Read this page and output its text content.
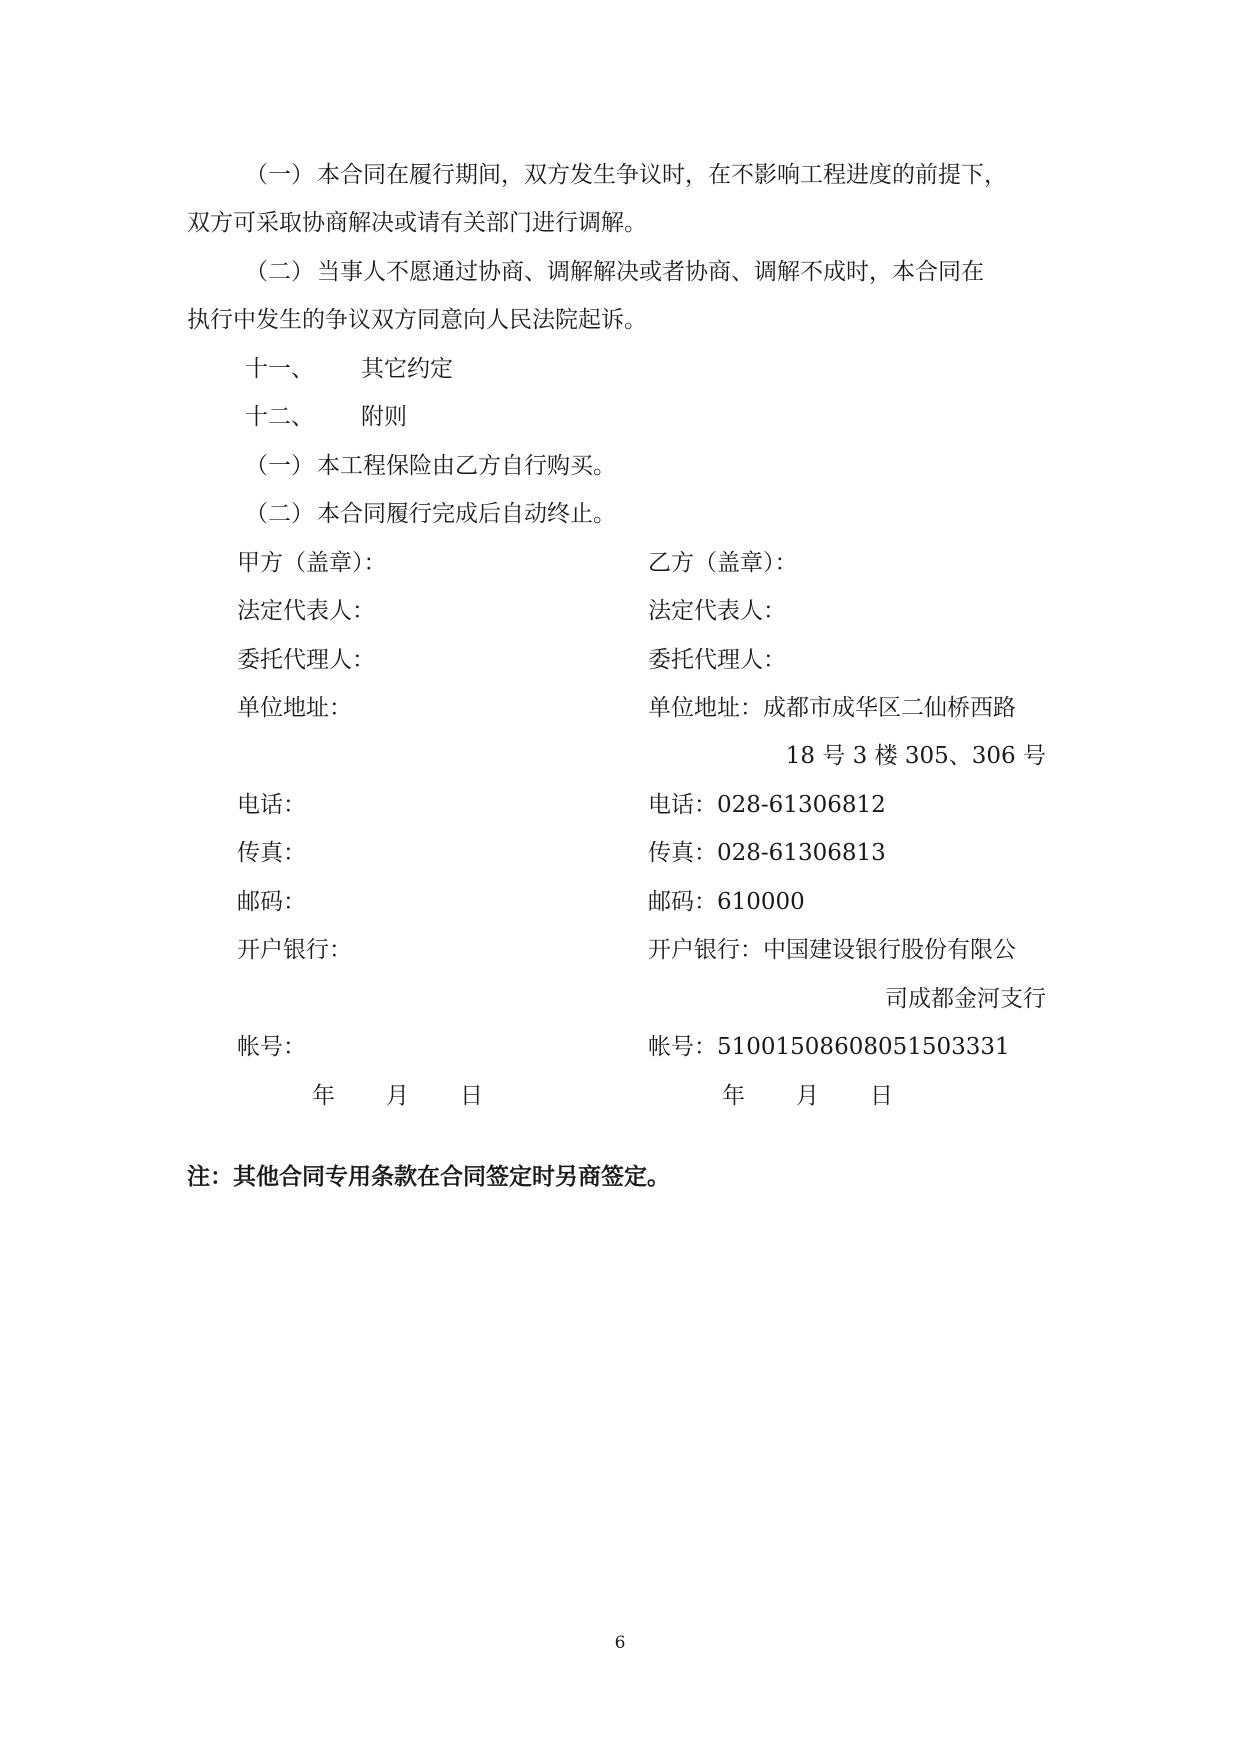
（一） 本合同在履行期间，双方发生争议时，在不影响工程进度的前提下，
双方可采取协商解决或请有关部门进行调解。
（二） 当事人不愿通过协商、调解解决或者协商、调解不成时，本合同在
执行中发生的争议双方同意向人民法院起诉。
十一、 其它约定
十二、 附则
（一） 本工程保险由乙方自行购买。
（二） 本合同履行完成后自动终止。
甲方（盖章）：
法定代表人：
委托代理人：
单位地址：
电话：
传真：
邮码：
开户银行：
帐号：
年 月 日
乙方（盖章）：
法定代表人：
委托代理人：
单位地址：成都市成华区二仙桥西路
18 号 3 楼 305、306 号
电话：028-61306812
传真：028-61306813
邮码：610000
开户银行：中国建设银行股份有限公
司成都金河支行
帐号：51001508608051503331
年 月 日
注：其他合同专用条款在合同签定时另商签定。
6
